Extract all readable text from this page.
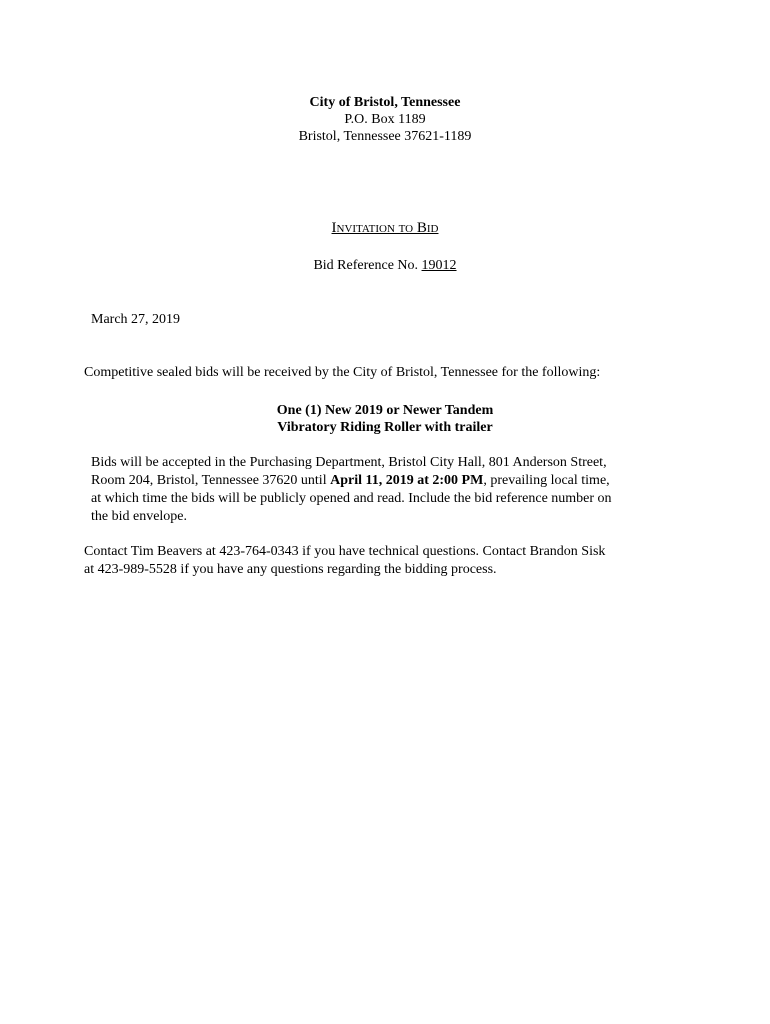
City of Bristol, Tennessee
P.O. Box 1189
Bristol, Tennessee 37621-1189
Invitation to Bid
Bid Reference No. 19012
March 27, 2019
Competitive sealed bids will be received by the City of Bristol, Tennessee for the following:
One (1) New 2019 or Newer Tandem
Vibratory Riding Roller with trailer
Bids will be accepted in the Purchasing Department, Bristol City Hall, 801 Anderson Street,
Room 204, Bristol, Tennessee 37620 until April 11, 2019 at 2:00 PM, prevailing local time,
at which time the bids will be publicly opened and read. Include the bid reference number on
the bid envelope.
Contact Tim Beavers at 423-764-0343 if you have technical questions. Contact Brandon Sisk
at 423-989-5528 if you have any questions regarding the bidding process.
